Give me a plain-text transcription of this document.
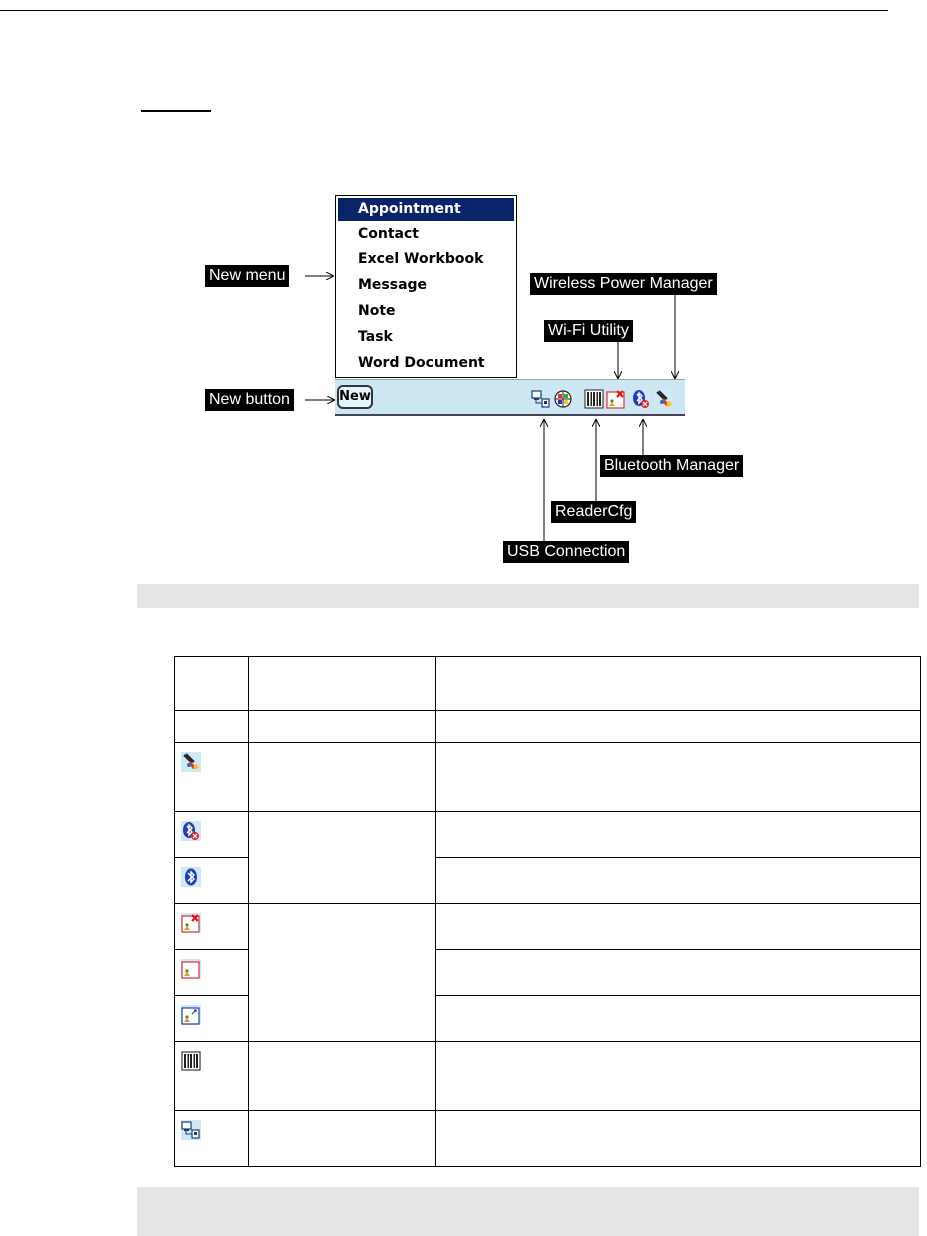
Appointment
Contact
Excel Workbook
Message
Note
Task
Word Document
New
New menu
New button
Wireless Power Manager
Wi-Fi Utility
Bluetooth Manager
ReaderCfg
USB Connection
